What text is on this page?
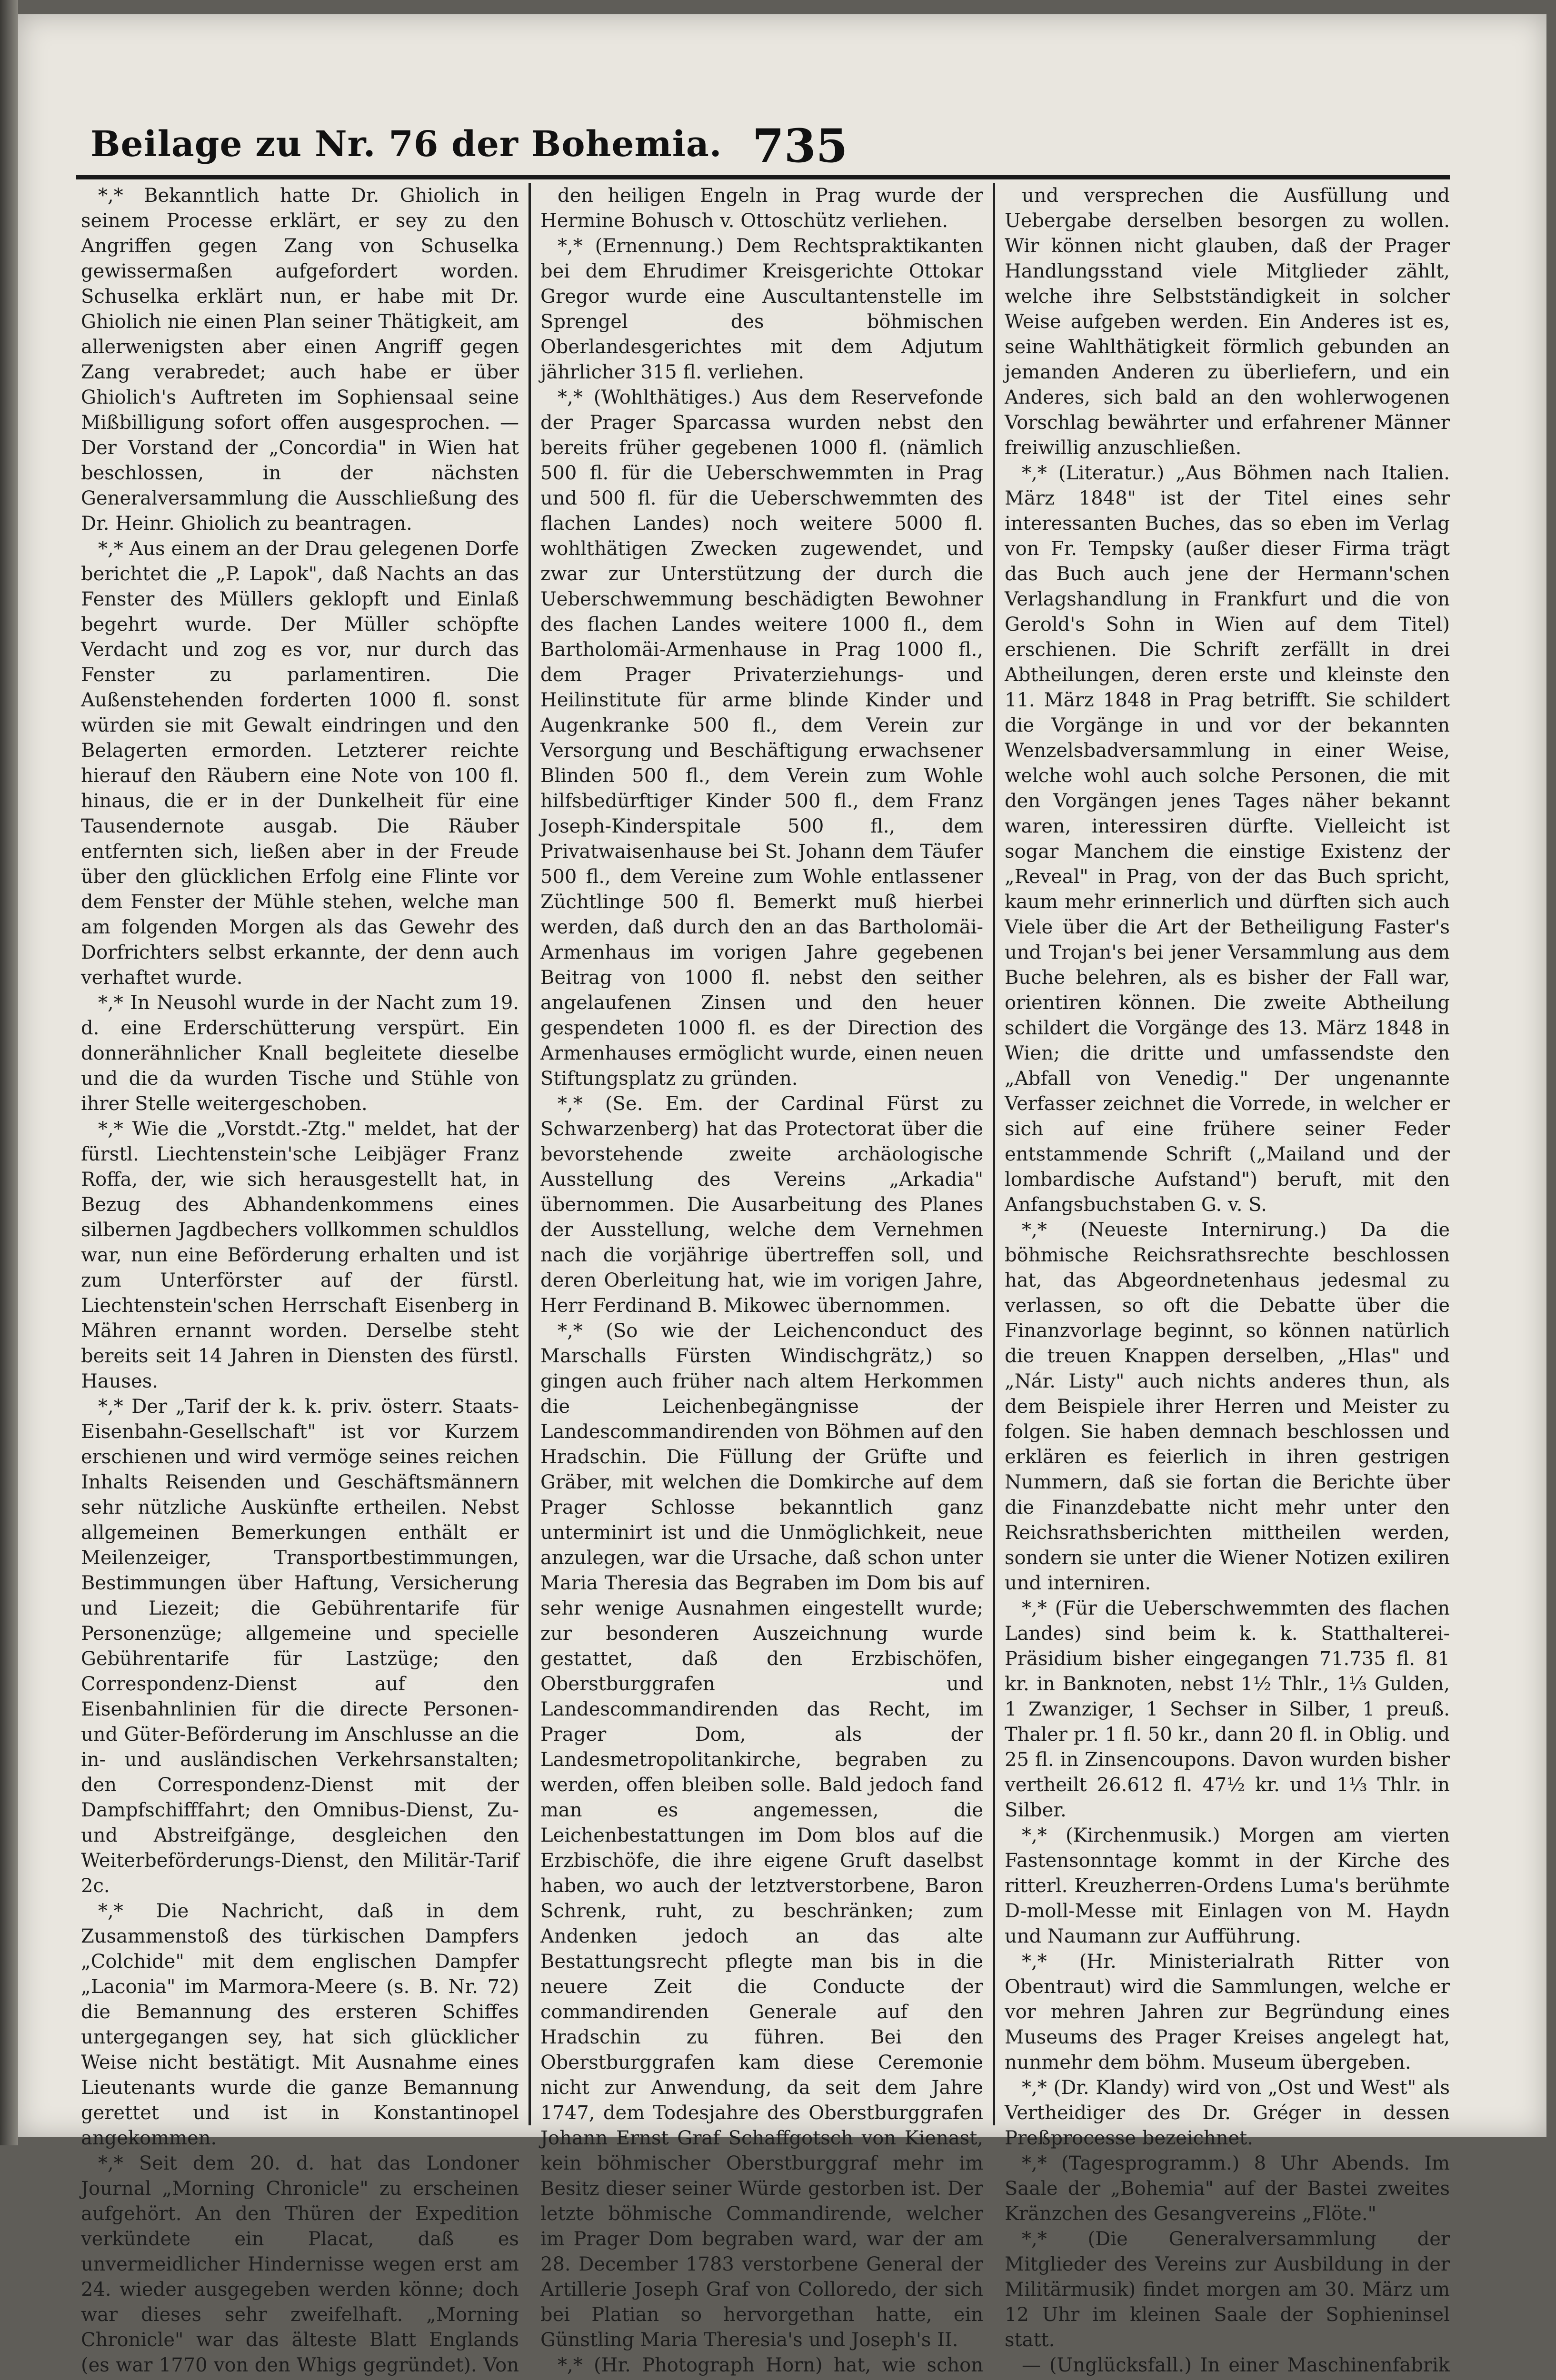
Beilage zu Nr. 76 der Bohemia. 735

*,* Bekanntlich hatte Dr. Ghiolich in seinem Processe erklärt, er sey zu den Angriffen gegen Zang von Schuselka gewissermaßen aufgefordert worden. Schuselka erklärt nun, er habe mit Dr. Ghiolich nie einen Plan seiner Thätigkeit, am allerwenigsten aber einen Angriff gegen Zang verabredet; auch habe er über Ghiolich's Auftreten im Sophiensaal seine Mißbilligung sofort offen ausgesprochen. — Der Vorstand der „Concordia" in Wien hat beschlossen, in der nächsten Generalversammlung die Ausschließung des Dr. Heinr. Ghiolich zu beantragen.

*,* Aus einem an der Drau gelegenen Dorfe berichtet die „P. Lapok", daß Nachts an das Fenster des Müllers geklopft und Einlaß begehrt wurde. Der Müller schöpfte Verdacht und zog es vor, nur durch das Fenster zu parlamentiren. Die Außenstehenden forderten 1000 fl. sonst würden sie mit Gewalt eindringen und den Belagerten ermorden. Letzterer reichte hierauf den Räubern eine Note von 100 fl. hinaus, die er in der Dunkelheit für eine Tausendernote ausgab. Die Räuber entfernten sich, ließen aber in der Freude über den glücklichen Erfolg eine Flinte vor dem Fenster der Mühle stehen, welche man am folgenden Morgen als das Gewehr des Dorfrichters selbst erkannte, der denn auch verhaftet wurde.

*,* In Neusohl wurde in der Nacht zum 19. d. eine Erderschütterung verspürt. Ein donnerähnlicher Knall begleitete dieselbe und die da wurden Tische und Stühle von ihrer Stelle weitergeschoben.

*,* Wie die „Vorstdt.-Ztg." meldet, hat der fürstl. Liechtenstein'sche Leibjäger Franz Roffa, der, wie sich herausgestellt hat, in Bezug des Abhandenkommens eines silbernen Jagdbechers vollkommen schuldlos war, nun eine Beförderung erhalten und ist zum Unterförster auf der fürstl. Liechtenstein'schen Herrschaft Eisenberg in Mähren ernannt worden. Derselbe steht bereits seit 14 Jahren in Diensten des fürstl. Hauses.

*,* Der „Tarif der k. k. priv. österr. Staats-Eisenbahn-Gesellschaft" ist vor Kurzem erschienen und wird vermöge seines reichen Inhalts Reisenden und Geschäftsmännern sehr nützliche Auskünfte ertheilen. Nebst allgemeinen Bemerkungen enthält er Meilenzeiger, Transportbestimmungen, Bestimmungen über Haftung, Versicherung und Liezeit; die Gebührentarife für Personenzüge; allgemeine und specielle Gebührentarife für Lastzüge; den Correspondenz-Dienst auf den Eisenbahnlinien für die directe Personen- und Güter-Beförderung im Anschlusse an die in- und ausländischen Verkehrsanstalten; den Correspondenz-Dienst mit der Dampfschifffahrt; den Omnibus-Dienst, Zu- und Abstreifgänge, desgleichen den Weiterbeförderungs-Dienst, den Militär-Tarif 2c.

*,* Die Nachricht, daß in dem Zusammenstoß des türkischen Dampfers „Colchide" mit dem englischen Dampfer „Laconia" im Marmora-Meere (s. B. Nr. 72) die Bemannung des ersteren Schiffes untergegangen sey, hat sich glücklicher Weise nicht bestätigt. Mit Ausnahme eines Lieutenants wurde die ganze Bemannung gerettet und ist in Konstantinopel angekommen.

*,* Seit dem 20. d. hat das Londoner Journal „Morning Chronicle" zu erscheinen aufgehört. An den Thüren der Expedition verkündete ein Placat, daß es unvermeidlicher Hindernisse wegen erst am 24. wieder ausgegeben werden könne; doch war dieses sehr zweifelhaft. „Morning Chronicle" war das älteste Blatt Englands (es war 1770 von den Whigs gegründet). Von

den heiligen Engeln in Prag wurde der Hermine Bohusch v. Ottoschütz verliehen.

*,* (Ernennung.) Dem Rechtspraktikanten bei dem Ehrudimer Kreisgerichte Ottokar Gregor wurde eine Auscultantenstelle im Sprengel des böhmischen Oberlandesgerichtes mit dem Adjutum jährlicher 315 fl. verliehen.

*,* (Wohlthätiges.) Aus dem Reservefonde der Prager Sparcassa wurden nebst den bereits früher gegebenen 1000 fl. (nämlich 500 fl. für die Ueberschwemmten in Prag und 500 fl. für die Ueberschwemmten des flachen Landes) noch weitere 5000 fl. wohlthätigen Zwecken zugewendet, und zwar zur Unterstützung der durch die Ueberschwemmung beschädigten Bewohner des flachen Landes weitere 1000 fl., dem Bartholomäi-Armenhause in Prag 1000 fl., dem Prager Privaterziehungs- und Heilinstitute für arme blinde Kinder und Augenkranke 500 fl., dem Verein zur Versorgung und Beschäftigung erwachsener Blinden 500 fl., dem Verein zum Wohle hilfsbedürftiger Kinder 500 fl., dem Franz Joseph-Kinderspitale 500 fl., dem Privatwaisenhause bei St. Johann dem Täufer 500 fl., dem Vereine zum Wohle entlassener Züchtlinge 500 fl. Bemerkt muß hierbei werden, daß durch den an das Bartholomäi-Armenhaus im vorigen Jahre gegebenen Beitrag von 1000 fl. nebst den seither angelaufenen Zinsen und den heuer gespendeten 1000 fl. es der Direction des Armenhauses ermöglicht wurde, einen neuen Stiftungsplatz zu gründen.

*,* (Se. Em. der Cardinal Fürst zu Schwarzenberg) hat das Protectorat über die bevorstehende zweite archäologische Ausstellung des Vereins „Arkadia" übernommen. Die Ausarbeitung des Planes der Ausstellung, welche dem Vernehmen nach die vorjährige übertreffen soll, und deren Oberleitung hat, wie im vorigen Jahre, Herr Ferdinand B. Mikowec übernommen.

*,* (So wie der Leichenconduct des Marschalls Fürsten Windischgrätz,) so gingen auch früher nach altem Herkommen die Leichenbegängnisse der Landescommandirenden von Böhmen auf den Hradschin. Die Füllung der Grüfte und Gräber, mit welchen die Domkirche auf dem Prager Schlosse bekanntlich ganz unterminirt ist und die Unmöglichkeit, neue anzulegen, war die Ursache, daß schon unter Maria Theresia das Begraben im Dom bis auf sehr wenige Ausnahmen eingestellt wurde; zur besonderen Auszeichnung wurde gestattet, daß den Erzbischöfen, Oberstburggrafen und Landescommandirenden das Recht, im Prager Dom, als der Landesmetropolitankirche, begraben zu werden, offen bleiben solle. Bald jedoch fand man es angemessen, die Leichenbestattungen im Dom blos auf die Erzbischöfe, die ihre eigene Gruft daselbst haben, wo auch der letztverstorbene, Baron Schrenk, ruht, zu beschränken; zum Andenken jedoch an das alte Bestattungsrecht pflegte man bis in die neuere Zeit die Conducte der commandirenden Generale auf den Hradschin zu führen. Bei den Oberstburggrafen kam diese Ceremonie nicht zur Anwendung, da seit dem Jahre 1747, dem Todesjahre des Oberstburggrafen Johann Ernst Graf Schaffgotsch von Kienast, kein böhmischer Oberstburggraf mehr im Besitz dieser seiner Würde gestorben ist. Der letzte böhmische Commandirende, welcher im Prager Dom begraben ward, war der am 28. December 1783 verstorbene General der Artillerie Joseph Graf von Colloredo, der sich bei Platian so hervorgethan hatte, ein Günstling Maria Theresia's und Joseph's II.

*,* (Hr. Photograph Horn) hat, wie schon

und versprechen die Ausfüllung und Uebergabe derselben besorgen zu wollen. Wir können nicht glauben, daß der Prager Handlungsstand viele Mitglieder zählt, welche ihre Selbstständigkeit in solcher Weise aufgeben werden. Ein Anderes ist es, seine Wahlthätigkeit förmlich gebunden an jemanden Anderen zu überliefern, und ein Anderes, sich bald an den wohlerwogenen Vorschlag bewährter und erfahrener Männer freiwillig anzuschließen.

*,* (Literatur.) „Aus Böhmen nach Italien. März 1848" ist der Titel eines sehr interessanten Buches, das so eben im Verlag von Fr. Tempsky (außer dieser Firma trägt das Buch auch jene der Hermann'schen Verlagshandlung in Frankfurt und die von Gerold's Sohn in Wien auf dem Titel) erschienen. Die Schrift zerfällt in drei Abtheilungen, deren erste und kleinste den 11. März 1848 in Prag betrifft. Sie schildert die Vorgänge in und vor der bekannten Wenzelsbadversammlung in einer Weise, welche wohl auch solche Personen, die mit den Vorgängen jenes Tages näher bekannt waren, interessiren dürfte. Vielleicht ist sogar Manchem die einstige Existenz der „Reveal" in Prag, von der das Buch spricht, kaum mehr erinnerlich und dürften sich auch Viele über die Art der Betheiligung Faster's und Trojan's bei jener Versammlung aus dem Buche belehren, als es bisher der Fall war, orientiren können. Die zweite Abtheilung schildert die Vorgänge des 13. März 1848 in Wien; die dritte und umfassendste den „Abfall von Venedig." Der ungenannte Verfasser zeichnet die Vorrede, in welcher er sich auf eine frühere seiner Feder entstammende Schrift („Mailand und der lombardische Aufstand") beruft, mit den Anfangsbuchstaben G. v. S.

*,* (Neueste Internirung.) Da die böhmische Reichsrathsrechte beschlossen hat, das Abgeordnetenhaus jedesmal zu verlassen, so oft die Debatte über die Finanzvorlage beginnt, so können natürlich die treuen Knappen derselben, „Hlas" und „Nár. Listy" auch nichts anderes thun, als dem Beispiele ihrer Herren und Meister zu folgen. Sie haben demnach beschlossen und erklären es feierlich in ihren gestrigen Nummern, daß sie fortan die Berichte über die Finanzdebatte nicht mehr unter den Reichsrathsberichten mittheilen werden, sondern sie unter die Wiener Notizen exiliren und interniren.

*,* (Für die Ueberschwemmten des flachen Landes) sind beim k. k. Statthalterei-Präsidium bisher eingegangen 71.735 fl. 81 kr. in Banknoten, nebst 1½ Thlr., 1⅓ Gulden, 1 Zwanziger, 1 Sechser in Silber, 1 preuß. Thaler pr. 1 fl. 50 kr., dann 20 fl. in Oblig. und 25 fl. in Zinsencoupons. Davon wurden bisher vertheilt 26.612 fl. 47½ kr. und 1⅓ Thlr. in Silber.

*,* (Kirchenmusik.) Morgen am vierten Fastensonntage kommt in der Kirche des ritterl. Kreuzherren-Ordens Luma's berühmte D-moll-Messe mit Einlagen von M. Haydn und Naumann zur Aufführung.

*,* (Hr. Ministerialrath Ritter von Obentraut) wird die Sammlungen, welche er vor mehren Jahren zur Begründung eines Museums des Prager Kreises angelegt hat, nunmehr dem böhm. Museum übergeben.

*,* (Dr. Klandy) wird von „Ost und West" als Vertheidiger des Dr. Gréger in dessen Preßprocesse bezeichnet.

*,* (Tagesprogramm.) 8 Uhr Abends. Im Saale der „Bohemia" auf der Bastei zweites Kränzchen des Gesangvereins „Flöte."

*,* (Die Generalversammlung der Mitglieder des Vereins zur Ausbildung in der Militärmusik) findet morgen am 30. März um 12 Uhr im kleinen Saale der Sophieninsel statt.

— (Unglücksfall.) In einer Maschinenfabrik
